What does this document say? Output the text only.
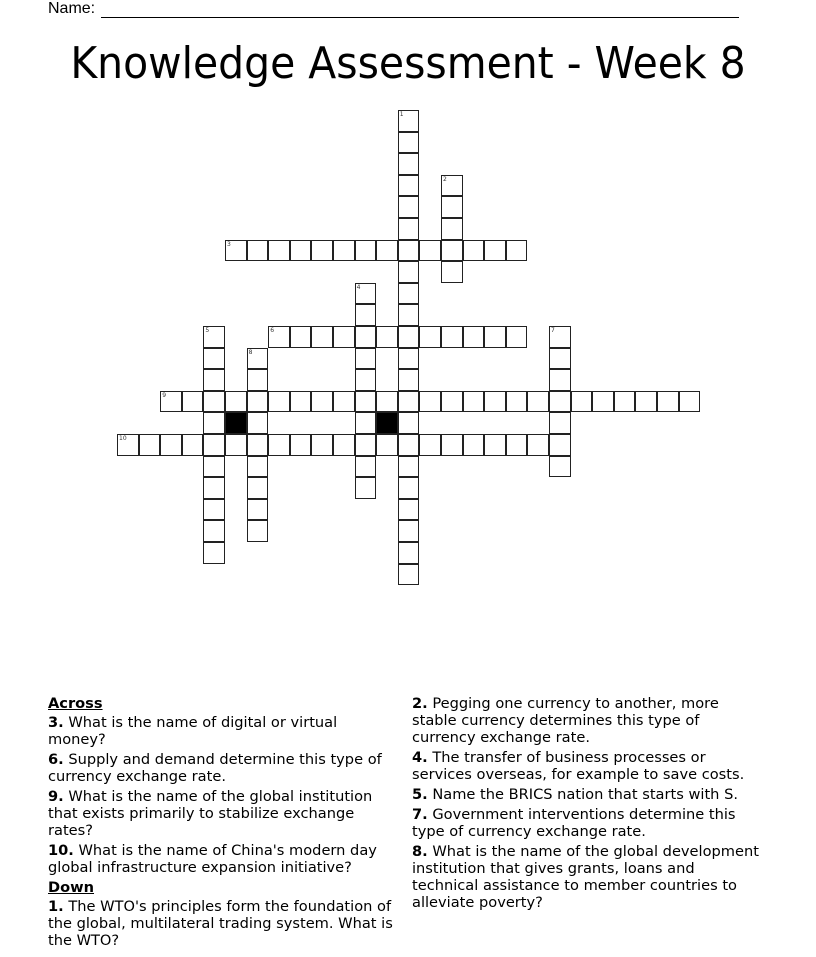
Name:
Knowledge Assessment - Week 8
1
2
3
4
5	6	7
8
9
10
Across
3. What is the name of digital or virtual money?
6. Supply and demand determine this type of currency exchange rate.
9. What is the name of the global institution that exists primarily to stabilize exchange rates?
10. What is the name of China's modern day global infrastructure expansion initiative?
Down
1. The WTO's principles form the foundation of the global, multilateral trading system. What is the WTO?
2. Pegging one currency to another, more stable currency determines this type of currency exchange rate.
4. The transfer of business processes or services overseas, for example to save costs.
5. Name the BRICS nation that starts with S.
7. Government interventions determine this type of currency exchange rate.
8. What is the name of the global development institution that gives grants, loans and technical assistance to member countries to alleviate poverty?
